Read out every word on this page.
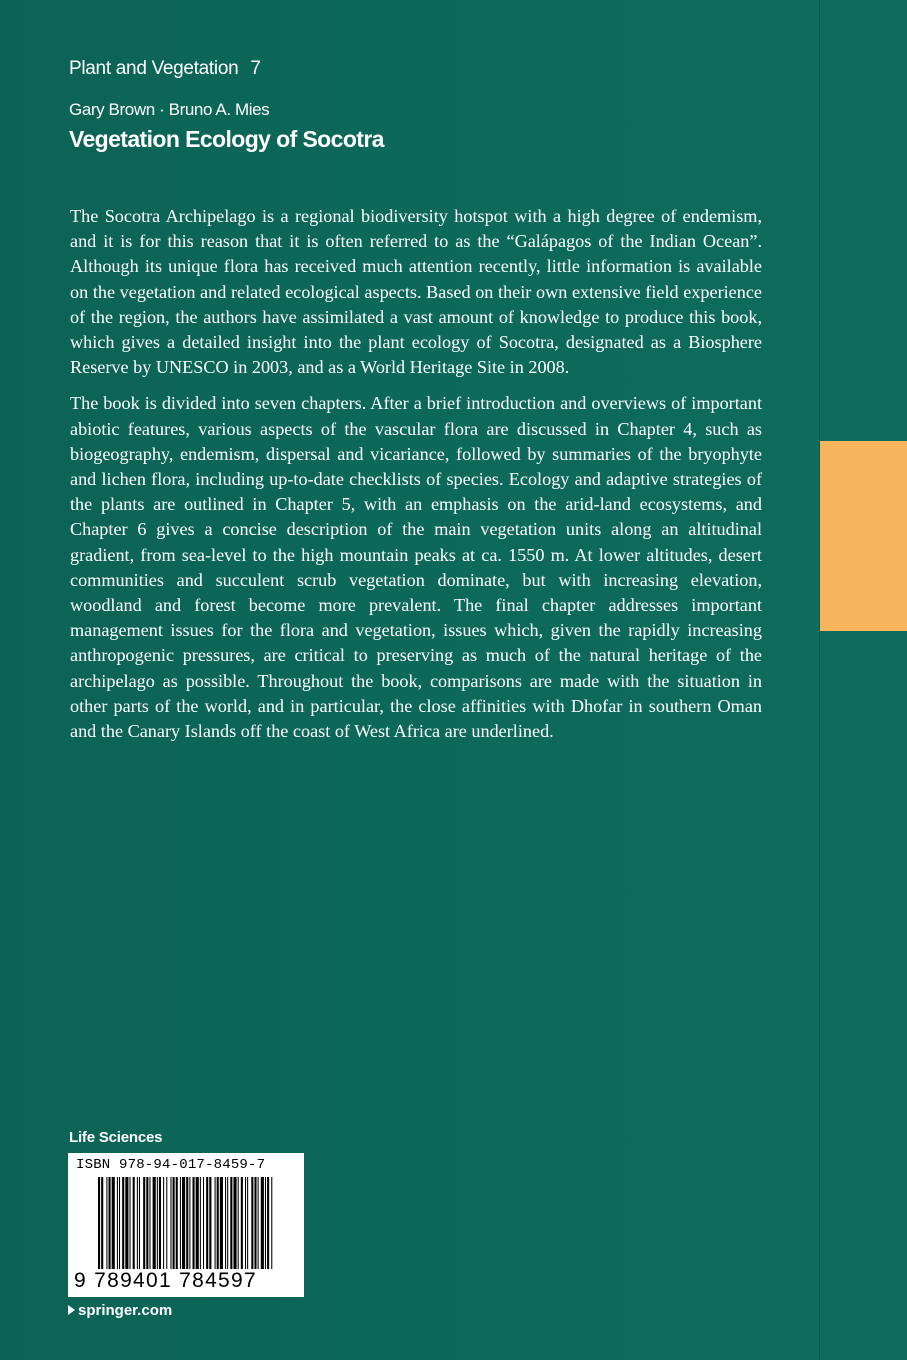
Plant and Vegetation 7
Gary Brown · Bruno A. Mies
Vegetation Ecology of Socotra

The Socotra Archipelago is a regional biodiversity hotspot with a high degree of endemism, and it is for this reason that it is often referred to as the “Galápagos of the Indian Ocean”. Although its unique flora has received much attention recently, little information is available on the vegetation and related ecological aspects. Based on their own extensive field experience of the region, the authors have assimilated a vast amount of knowledge to produce this book, which gives a detailed insight into the plant ecology of Socotra, designated as a Biosphere Reserve by UNESCO in 2003, and as a World Heritage Site in 2008.

The book is divided into seven chapters. After a brief introduction and overviews of important abiotic features, various aspects of the vascular flora are discussed in Chapter 4, such as biogeography, endemism, dispersal and vicariance, followed by summaries of the bryophyte and lichen flora, including up-to-date checklists of species. Ecology and adaptive strategies of the plants are outlined in Chapter 5, with an emphasis on the arid-land ecosystems, and Chapter 6 gives a concise description of the main vegetation units along an altitudinal gradient, from sea-level to the high mountain peaks at ca. 1550 m. At lower altitudes, desert communities and succulent scrub vegetation dominate, but with increasing elevation, woodland and forest become more prevalent. The final chapter addresses important management issues for the flora and vegetation, issues which, given the rapidly increasing anthropogenic pressures, are critical to preserving as much of the natural heritage of the archipelago as possible. Throughout the book, comparisons are made with the situation in other parts of the world, and in particular, the close affinities with Dhofar in southern Oman and the Canary Islands off the coast of West Africa are underlined.

Life Sciences
ISBN 978-94-017-8459-7
9 789401 784597
springer.com
